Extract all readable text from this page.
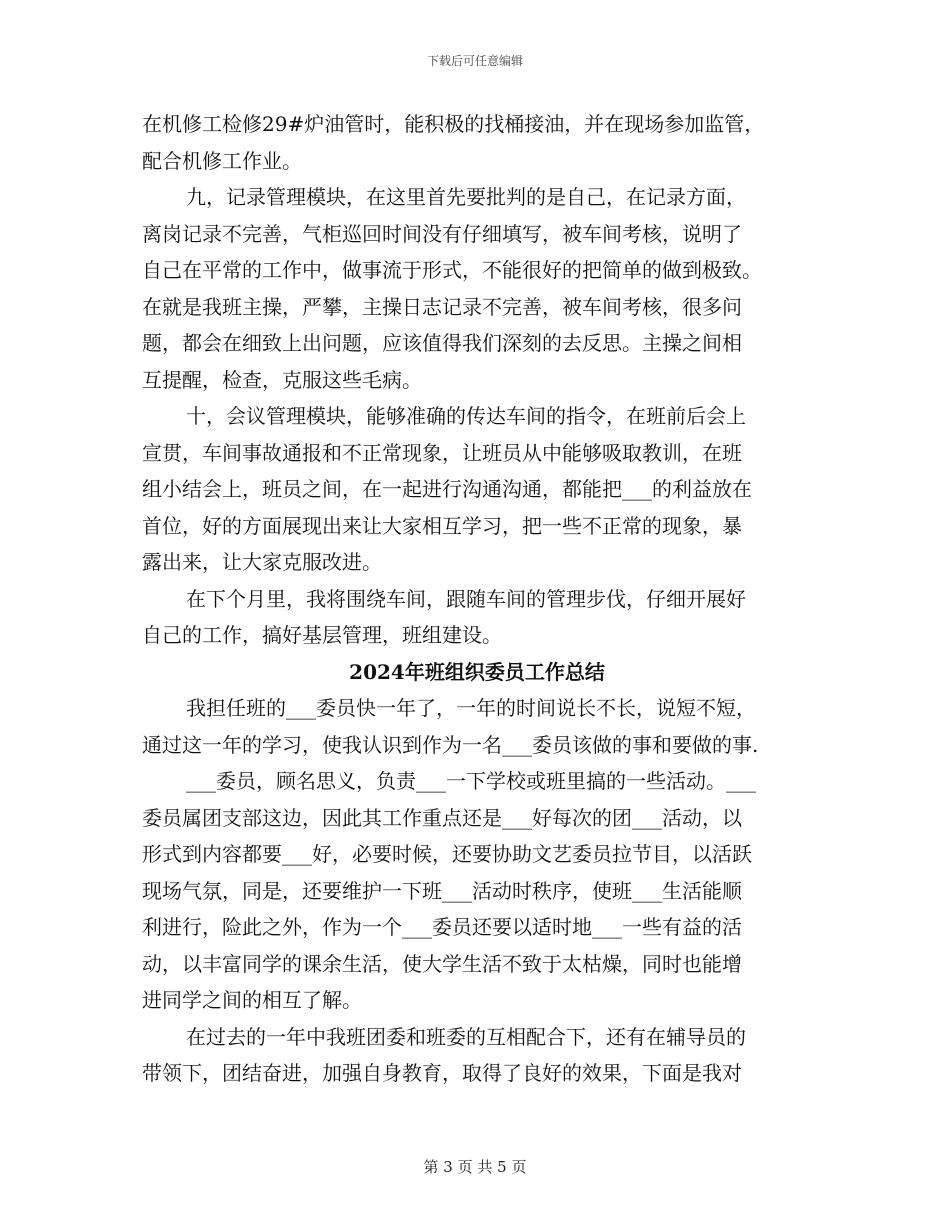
下载后可任意编辑
在机修工检修29#炉油管时，能积极的找桶接油，并在现场参加监管，
配合机修工作业。
九，记录管理模块，在这里首先要批判的是自己，在记录方面，
离岗记录不完善，气柜巡回时间没有仔细填写，被车间考核，说明了
自己在平常的工作中，做事流于形式，不能很好的把简单的做到极致。
在就是我班主操，严攀，主操日志记录不完善，被车间考核，很多问
题，都会在细致上出问题，应该值得我们深刻的去反思。主操之间相
互提醒，检查，克服这些毛病。
十，会议管理模块，能够准确的传达车间的指令，在班前后会上
宣贯，车间事故通报和不正常现象，让班员从中能够吸取教训，在班
组小结会上，班员之间，在一起进行沟通沟通，都能把___的利益放在
首位，好的方面展现出来让大家相互学习，把一些不正常的现象，暴
露出来，让大家克服改进。
在下个月里，我将围绕车间，跟随车间的管理步伐，仔细开展好
自己的工作，搞好基层管理，班组建设。
2024年班组织委员工作总结
我担任班的___委员快一年了，一年的时间说长不长，说短不短，
通过这一年的学习，使我认识到作为一名___委员该做的事和要做的事.
___委员，顾名思义，负责___一下学校或班里搞的一些活动。___
委员属团支部这边，因此其工作重点还是___好每次的团___活动，以
形式到内容都要___好，必要时候，还要协助文艺委员拉节目，以活跃
现场气氛，同是，还要维护一下班___活动时秩序，使班___生活能顺
利进行，险此之外，作为一个___委员还要以适时地___一些有益的活
动，以丰富同学的课余生活，使大学生活不致于太枯燥，同时也能增
进同学之间的相互了解。
在过去的一年中我班团委和班委的互相配合下，还有在辅导员的
带领下，团结奋进，加强自身教育，取得了良好的效果，下面是我对
第 3 页 共 5 页
